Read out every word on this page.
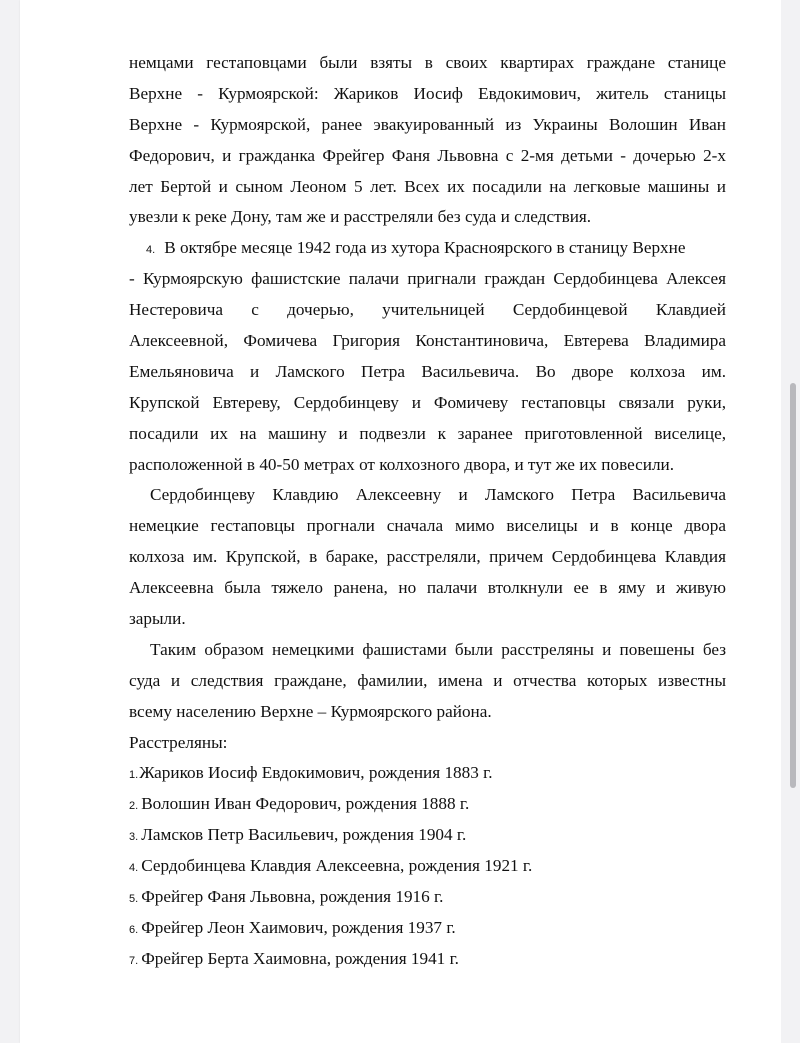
немцами гестаповцами были взяты в своих квартирах граждане станице
Верхне - Курмоярской: Жариков Иосиф Евдокимович, житель станицы
Верхне - Курмоярской, ранее эвакуированный из Украины Волошин Иван
Федорович, и гражданка Фрейгер Фаня Львовна с 2-мя детьми - дочерью 2-х
лет Бертой и сыном Леоном 5 лет. Всех их посадили на легковые машины и
увезли к реке Дону, там же и расстреляли без суда и следствия.
4. В октябре месяце 1942 года из хутора Красноярского в станицу Верхне
- Курмоярскую фашистские палачи пригнали граждан Сердобинцева Алексея
Нестеровича с дочерью, учительницей Сердобинцевой Клавдией
Алексеевной, Фомичева Григория Константиновича, Евтерева Владимира
Емельяновича и Ламского Петра Васильевича. Во дворе колхоза им.
Крупской Евтереву, Сердобинцеву и Фомичеву гестаповцы связали руки,
посадили их на машину и подвезли к заранее приготовленной виселице,
расположенной в 40-50 метрах от колхозного двора, и тут же их повесили.
Сердобинцеву Клавдию Алексеевну и Ламского Петра Васильевича
немецкие гестаповцы прогнали сначала мимо виселицы и в конце двора
колхоза им. Крупской, в бараке, расстреляли, причем Сердобинцева Клавдия
Алексеевна была тяжело ранена, но палачи втолкнули ее в яму и живую
зарыли.
Таким образом немецкими фашистами были расстреляны и повешены без
суда и следствия граждане, фамилии, имена и отчества которых известны
всему населению Верхне – Курмоярского района.
Расстреляны:
1.Жариков Иосиф Евдокимович, рождения 1883 г.
2. Волошин Иван Федорович, рождения 1888 г.
3. Ламсков Петр Васильевич, рождения 1904 г.
4. Сердобинцева Клавдия Алексеевна, рождения 1921 г.
5. Фрейгер Фаня Львовна, рождения 1916 г.
6. Фрейгер Леон Хаимович, рождения 1937 г.
7. Фрейгер Берта Хаимовна, рождения 1941 г.
